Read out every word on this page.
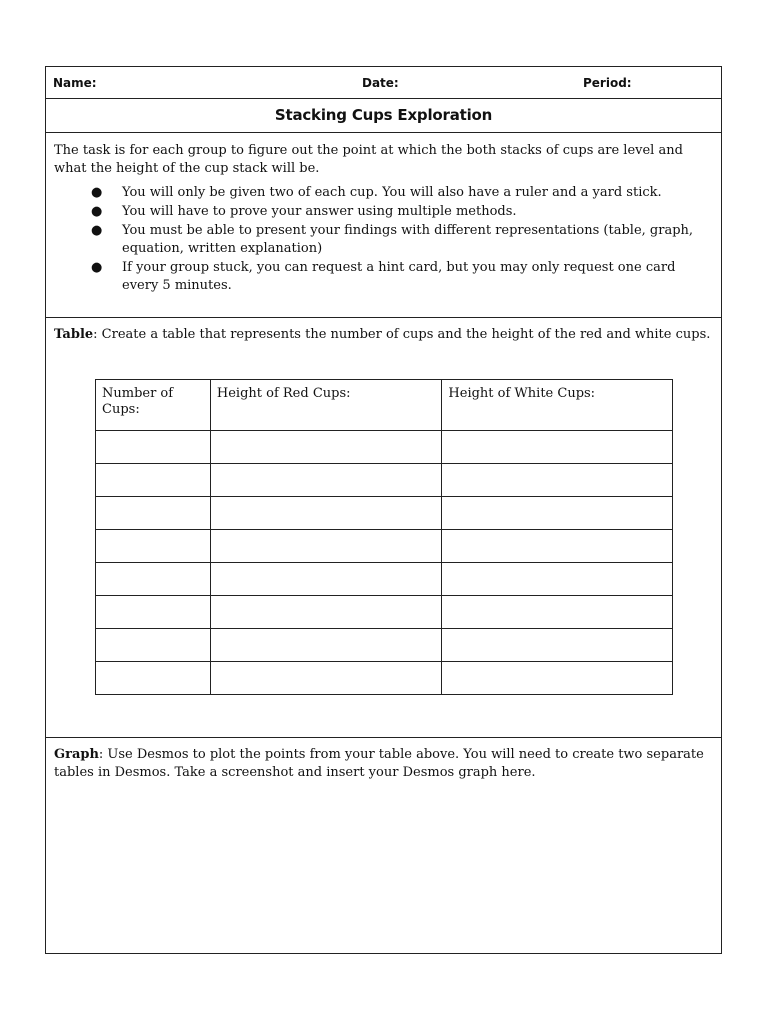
Name:	Date:	Period:
Stacking Cups Exploration

The task is for each group to figure out the point at which the both stacks of cups are level and what the height of the cup stack will be.

● You will only be given two of each cup. You will also have a ruler and a yard stick.
● You will have to prove your answer using multiple methods.
● You must be able to present your findings with different representations (table, graph, equation, written explanation)
● If your group stuck, you can request a hint card, but you may only request one card every 5 minutes.

Table: Create a table that represents the number of cups and the height of the red and white cups.

Number of Cups:	Height of Red Cups:	Height of White Cups:

Graph: Use Desmos to plot the points from your table above. You will need to create two separate tables in Desmos. Take a screenshot and insert your Desmos graph here.
